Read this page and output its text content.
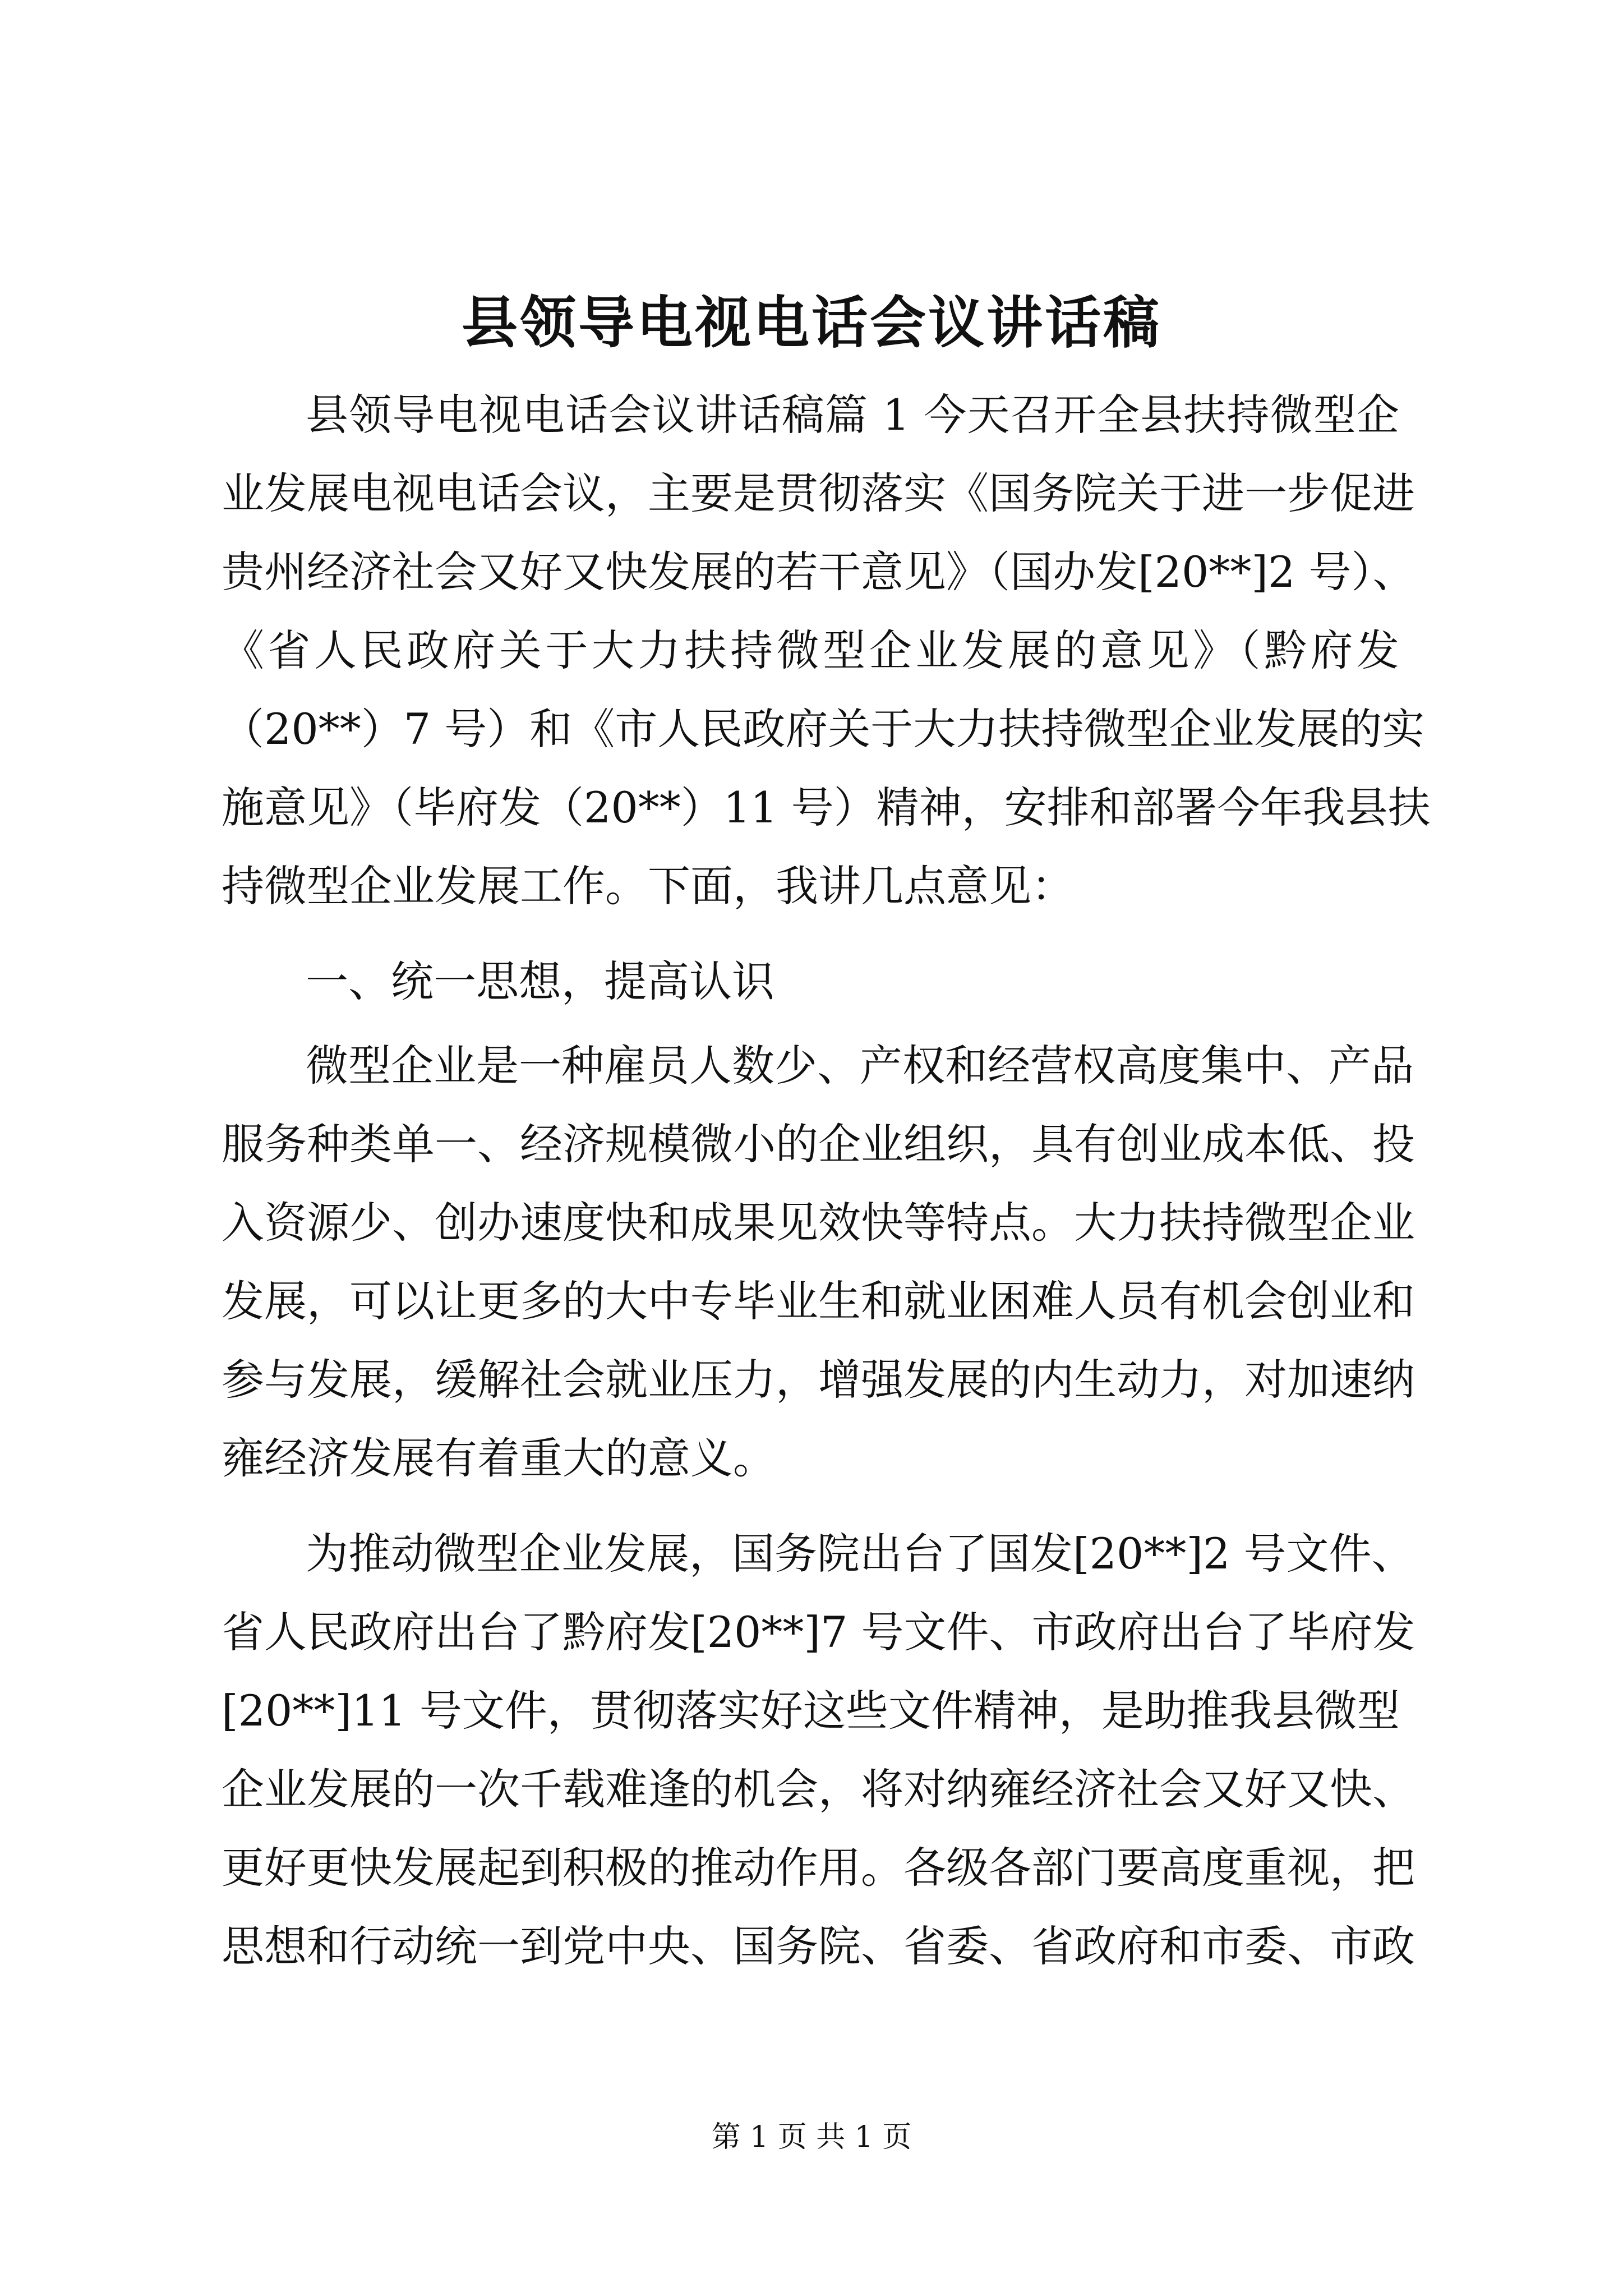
县领导电视电话会议讲话稿
县领导电视电话会议讲话稿篇 1 今天召开全县扶持微型企
业发展电视电话会议，主要是贯彻落实《国务院关于进一步促进
贵州经济社会又好又快发展的若干意见》（国办发[20**]2 号）、
《省人民政府关于大力扶持微型企业发展的意见》（黔府发
（20**）7 号）和《市人民政府关于大力扶持微型企业发展的实
施意见》（毕府发（20**）11 号）精神，安排和部署今年我县扶
持微型企业发展工作。下面，我讲几点意见：
一、统一思想，提高认识
微型企业是一种雇员人数少、产权和经营权高度集中、产品
服务种类单一、经济规模微小的企业组织，具有创业成本低、投
入资源少、创办速度快和成果见效快等特点。大力扶持微型企业
发展，可以让更多的大中专毕业生和就业困难人员有机会创业和
参与发展，缓解社会就业压力，增强发展的内生动力，对加速纳
雍经济发展有着重大的意义。
为推动微型企业发展，国务院出台了国发[20**]2 号文件、
省人民政府出台了黔府发[20**]7 号文件、市政府出台了毕府发
[20**]11 号文件，贯彻落实好这些文件精神，是助推我县微型
企业发展的一次千载难逢的机会，将对纳雍经济社会又好又快、
更好更快发展起到积极的推动作用。各级各部门要高度重视，把
思想和行动统一到党中央、国务院、省委、省政府和市委、市政
第 1 页 共 1 页
